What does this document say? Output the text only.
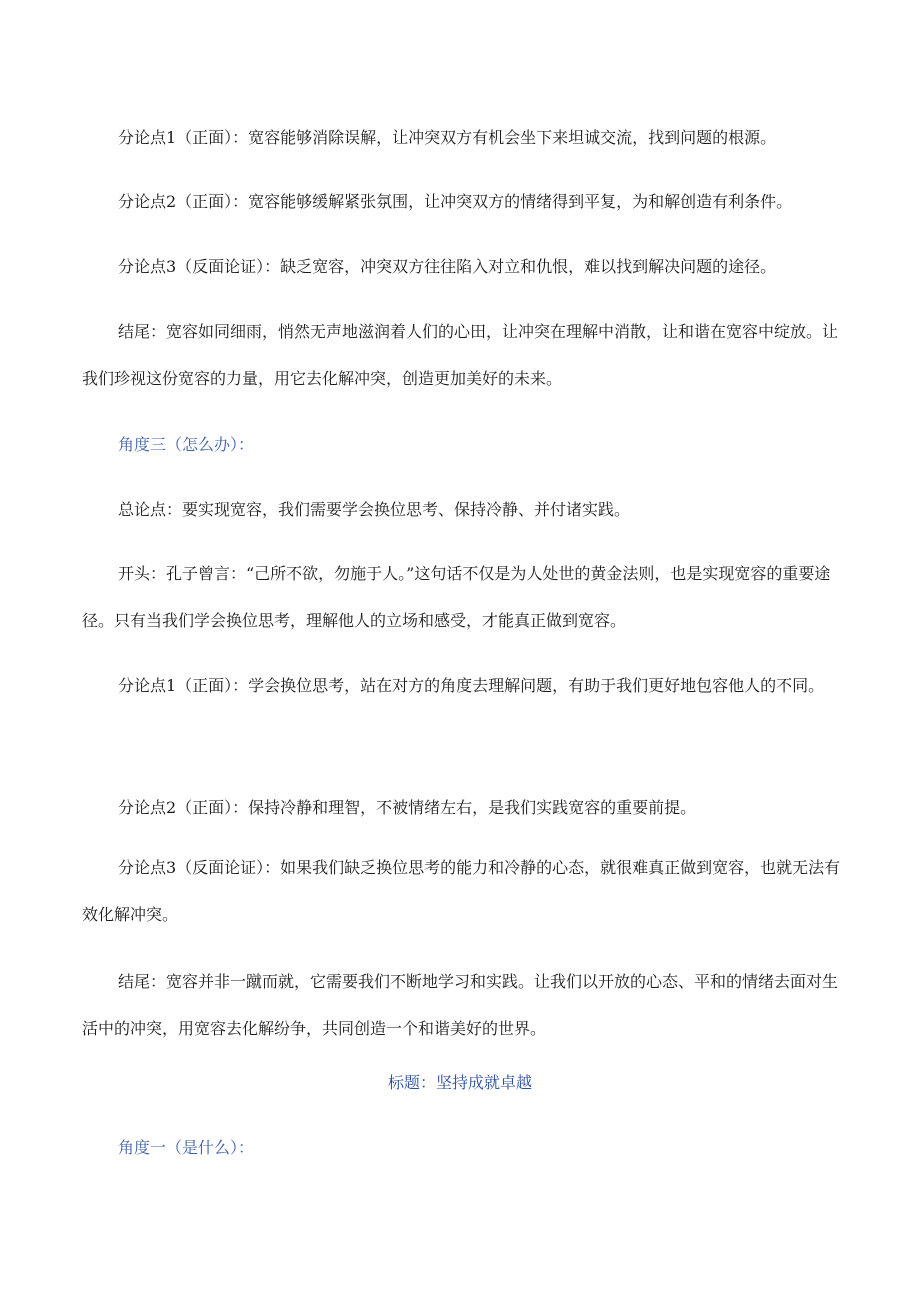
分论点1（正面）：宽容能够消除误解，让冲突双方有机会坐下来坦诚交流，找到问题的根源。

分论点2（正面）：宽容能够缓解紧张氛围，让冲突双方的情绪得到平复，为和解创造有利条件。

分论点3（反面论证）：缺乏宽容，冲突双方往往陷入对立和仇恨，难以找到解决问题的途径。

结尾：宽容如同细雨，悄然无声地滋润着人们的心田，让冲突在理解中消散，让和谐在宽容中绽放。让我们珍视这份宽容的力量，用它去化解冲突，创造更加美好的未来。

角度三（怎么办）：

总论点：要实现宽容，我们需要学会换位思考、保持冷静、并付诸实践。

开头：孔子曾言：“己所不欲，勿施于人。”这句话不仅是为人处世的黄金法则，也是实现宽容的重要途径。只有当我们学会换位思考，理解他人的立场和感受，才能真正做到宽容。

分论点1（正面）：学会换位思考，站在对方的角度去理解问题，有助于我们更好地包容他人的不同。

分论点2（正面）：保持冷静和理智，不被情绪左右，是我们实践宽容的重要前提。

分论点3（反面论证）：如果我们缺乏换位思考的能力和冷静的心态，就很难真正做到宽容，也就无法有效化解冲突。

结尾：宽容并非一蹴而就，它需要我们不断地学习和实践。让我们以开放的心态、平和的情绪去面对生活中的冲突，用宽容去化解纷争，共同创造一个和谐美好的世界。

标题：坚持成就卓越

角度一（是什么）：
